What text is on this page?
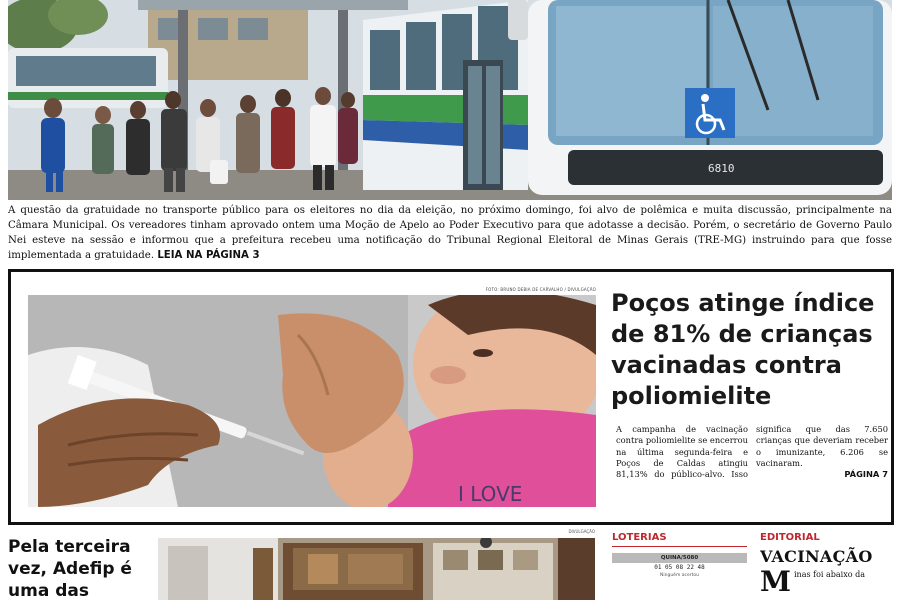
6810
A questão da gratuidade no transporte público para os eleitores no dia da eleição, no próximo domingo, foi alvo de polêmica e muita discussão, principalmente na Câmara Municipal. Os vereadores tinham aprovado ontem uma Moção de Apelo ao Poder Executivo para que adotasse a decisão. Porém, o secretário de Governo Paulo Nei esteve na sessão e informou que a prefeitura recebeu uma notificação do Tribunal Regional Eleitoral de Minas Gerais (TRE-MG) instruindo para que fosse implementada a gratuidade. LEIA NA PÁGINA 3
FOTO: BRUNO DEBIA DE CARVALHO / DIVULGAÇÃO
I LOVE
Poços atinge índice de 81% de crianças vacinadas contra poliomielite
A campanha de vacinação contra poliomielite se encerrou na última segunda-feira e Poços de Caldas atingiu 81,13% do público-alvo. Isso significa que das 7.650 crianças que deveriam receber o imunizante, 6.206 se vacinaram.
PÁGINA 7
Pela terceira vez, Adefip é uma das
DIVULGAÇÃO
LOTERIAS
QUINA/5080
01 05 08 22 48
Ninguém acertou
EDITORIAL
VACINAÇÃO
M inas foi abaixo da
